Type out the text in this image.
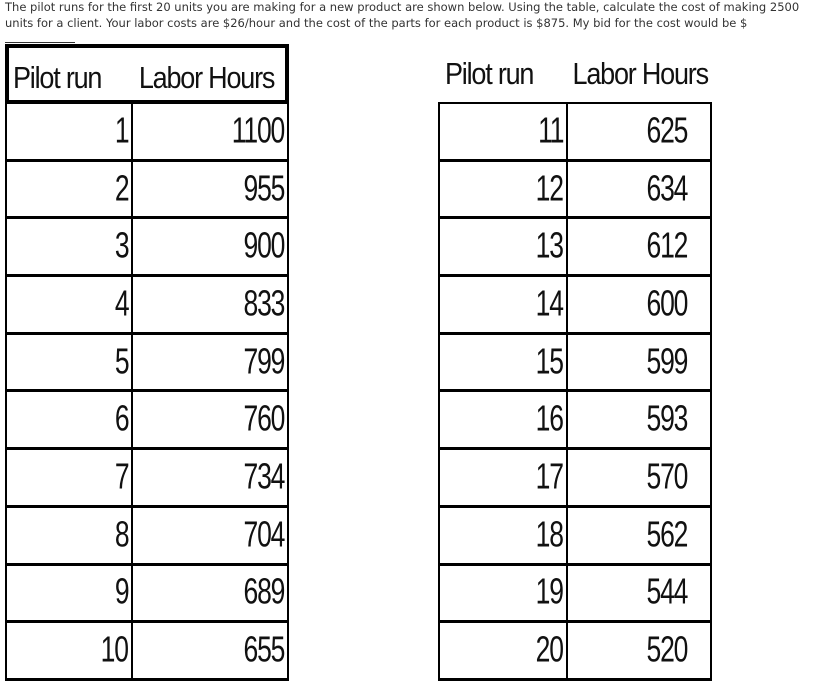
The pilot runs for the first 20 units you are making for a new product are shown below. Using the table, calculate the cost of making 2500 units for a client. Your labor costs are $26/hour and the cost of the parts for each product is $875. My bid for the cost would be $
Pilot run	Labor Hours
1	1100
2	955
3	900
4	833
5	799
6	760
7	734
8	704
9	689
10	655
Pilot run	Labor Hours
11 625
12 634
13 612
14 600
15 599
16 593
17 570
18 562
19 544
20 520
